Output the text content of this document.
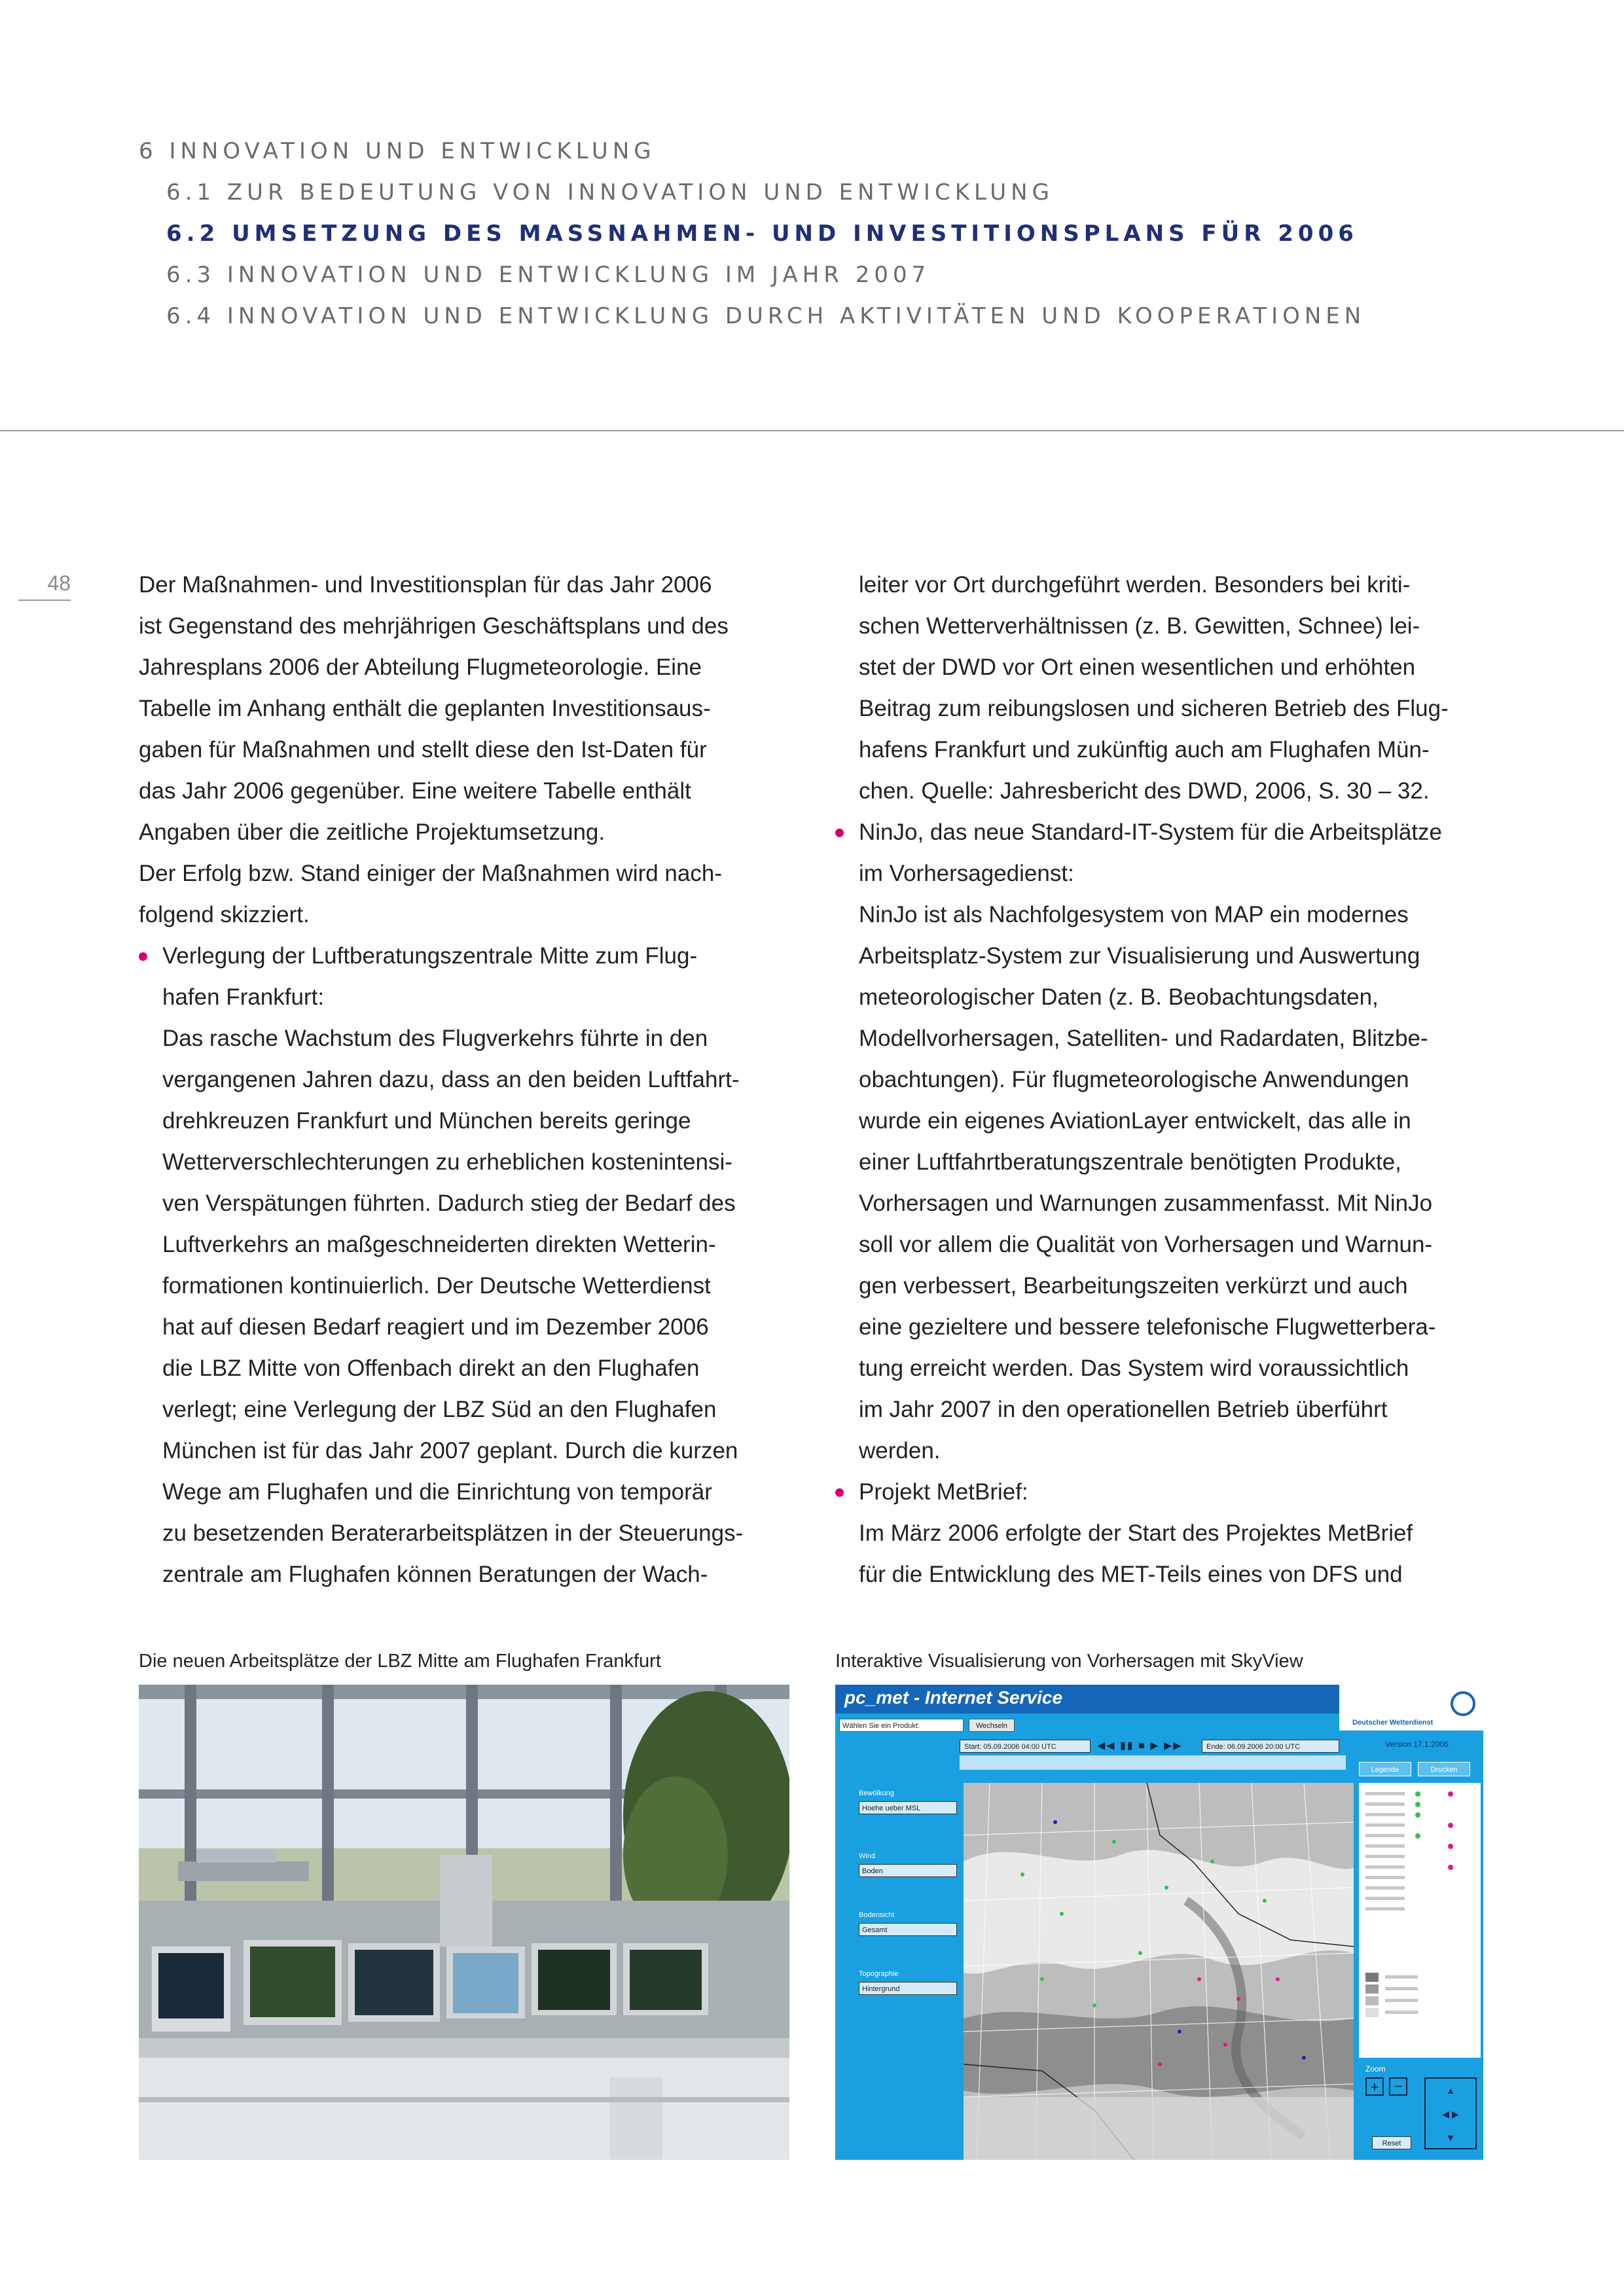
6 INNOVATION UND ENTWICKLUNG
6.1 ZUR BEDEUTUNG VON INNOVATION UND ENTWICKLUNG
6.2 UMSETZUNG DES MASSNAHMEN- UND INVESTITIONSPLANS FÜR 2006
6.3 INNOVATION UND ENTWICKLUNG IM JAHR 2007
6.4 INNOVATION UND ENTWICKLUNG DURCH AKTIVITÄTEN UND KOOPERATIONEN
48	Der Maßnahmen- und Investitionsplan für das Jahr 2006

ist Gegenstand des mehrjährigen Geschäftsplans und des

Jahresplans 2006 der Abteilung Flugmeteorologie. Eine

Tabelle im Anhang enthält die geplanten Investitionsaus-

gaben für Maßnahmen und stellt diese den Ist-Daten für

das Jahr 2006 gegenüber. Eine weitere Tabelle enthält

Angaben über die zeitliche Projektumsetzung.

Der Erfolg bzw. Stand einiger der Maßnahmen wird nach-

folgend skizziert.

Verlegung der Luftberatungszentrale Mitte zum Flug-

hafen Frankfurt:

Das rasche Wachstum des Flugverkehrs führte in den

vergangenen Jahren dazu, dass an den beiden Luftfahrt-

drehkreuzen Frankfurt und München bereits geringe

Wetterverschlechterungen zu erheblichen kostenintensi-

ven Verspätungen führten. Dadurch stieg der Bedarf des

Luftverkehrs an maßgeschneiderten direkten Wetterin-

formationen kontinuierlich. Der Deutsche Wetterdienst

hat auf diesen Bedarf reagiert und im Dezember 2006

die LBZ Mitte von Offenbach direkt an den Flughafen

verlegt; eine Verlegung der LBZ Süd an den Flughafen

München ist für das Jahr 2007 geplant. Durch die kurzen

Wege am Flughafen und die Einrichtung von temporär

zu besetzenden Beraterarbeitsplätzen in der Steuerungs-

zentrale am Flughafen können Beratungen der Wach-

leiter vor Ort durchgeführt werden. Besonders bei kriti-

schen Wetterverhältnissen (z. B. Gewitten, Schnee) lei-

stet der DWD vor Ort einen wesentlichen und erhöhten

Beitrag zum reibungslosen und sicheren Betrieb des Flug-

hafens Frankfurt und zukünftig auch am Flughafen Mün-

chen. Quelle: Jahresbericht des DWD, 2006, S. 30 – 32.

NinJo, das neue Standard-IT-System für die Arbeitsplätze

im Vorhersagedienst:

NinJo ist als Nachfolgesystem von MAP ein modernes

Arbeitsplatz-System zur Visualisierung und Auswertung

meteorologischer Daten (z. B. Beobachtungsdaten,

Modellvorhersagen, Satelliten- und Radardaten, Blitzbe-

obachtungen). Für flugmeteorologische Anwendungen

wurde ein eigenes AviationLayer entwickelt, das alle in

einer Luftfahrtberatungszentrale benötigten Produkte,

Vorhersagen und Warnungen zusammenfasst. Mit NinJo

soll vor allem die Qualität von Vorhersagen und Warnun-

gen verbessert, Bearbeitungszeiten verkürzt und auch

eine gezieltere und bessere telefonische Flugwetterbera-

tung erreicht werden. Das System wird voraussichtlich

im Jahr 2007 in den operationellen Betrieb überführt

werden.

Projekt MetBrief:

Im März 2006 erfolgte der Start des Projektes MetBrief

für die Entwicklung des MET-Teils eines von DFS und

Die neuen Arbeitsplätze der LBZ Mitte am Flughafen Frankfurt	Interaktive Visualisierung von Vorhersagen mit SkyView
pc_met - Internet Service
Deutscher Wetterdienst
Wählen Sie ein Produkt:	Wechseln
Version 17.1.2006
Start: 05.09.2006 04:00 UTC	◀◀ ▮▮ ■ ▶ ▶▶	Ende: 06.09.2006 20:00 UTC
Legende	Drucken
Bewölkung
Hoehe ueber MSL
Wind
Boden
Bodensicht
Gesamt
Topographie
Hintergrund
Zoom
+	−
Reset
▲
◀ ▶
▼
